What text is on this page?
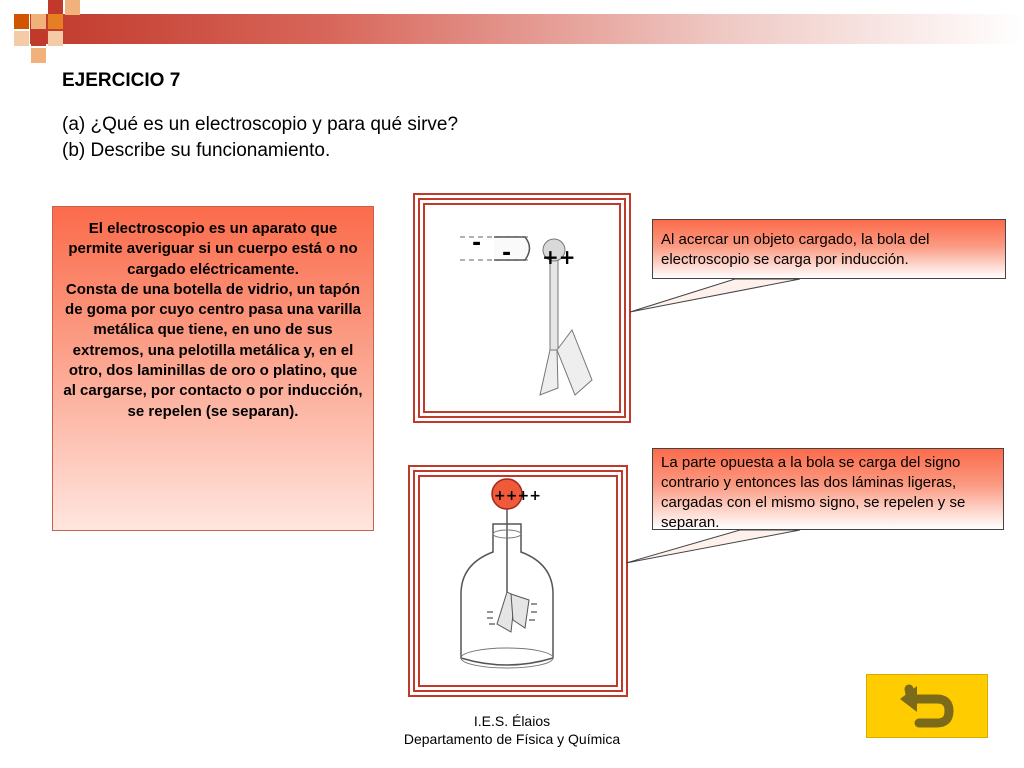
EJERCICIO 7

(a) ¿Qué es un electroscopio y para qué sirve?

(b) Describe su funcionamiento.

El electroscopio es un aparato que permite averiguar si un cuerpo está o no cargado eléctricamente.
Consta de una botella de vidrio, un tapón de goma por cuyo centro pasa una varilla metálica que tiene, en uno de sus extremos, una pelotilla metálica y, en el otro, dos laminillas de oro o platino, que al cargarse, por contacto o por inducción, se repelen (se separan).
- - ++
++++
Al acercar un objeto cargado, la bola del electroscopio se carga por inducción.
La parte opuesta a la bola se carga del signo contrario y entonces las dos láminas ligeras, cargadas con el mismo signo, se repelen y se separan.
I.E.S. Élaios
Departamento de Física y Química
